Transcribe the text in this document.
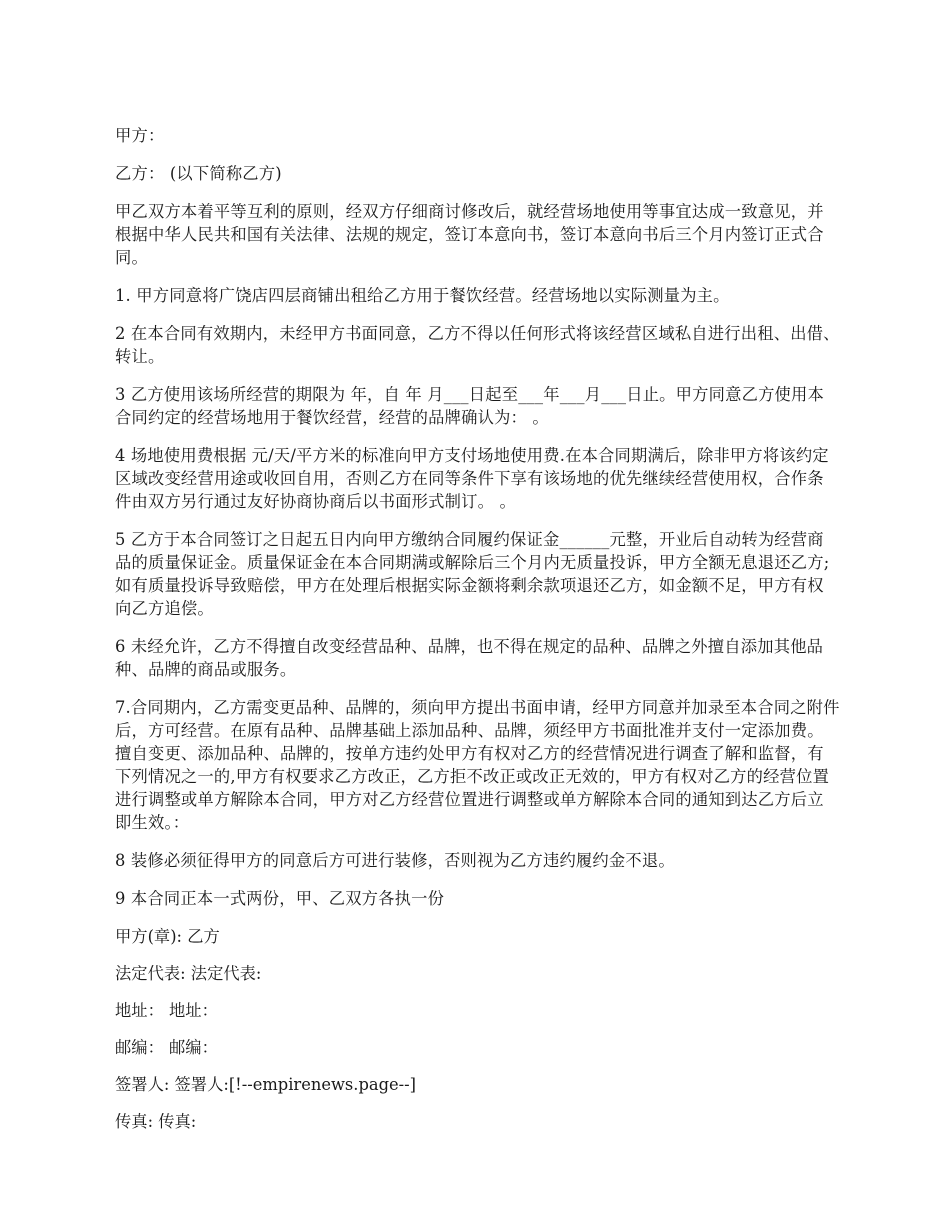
甲方：

乙方： (以下简称乙方)

甲乙双方本着平等互利的原则，经双方仔细商讨修改后，就经营场地使用等事宜达成一致意见，并根据中华人民共和国有关法律、法规的规定，签订本意向书，签订本意向书后三个月内签订正式合同。

1. 甲方同意将广饶店四层商铺出租给乙方用于餐饮经营。经营场地以实际测量为主。

2 在本合同有效期内，未经甲方书面同意，乙方不得以任何形式将该经营区域私自进行出租、出借、转让。

3 乙方使用该场所经营的期限为 年，自 年 月___日起至___年___月___日止。甲方同意乙方使用本合同约定的经营场地用于餐饮经营，经营的品牌确认为： 。

4 场地使用费根据 元/天/平方米的标准向甲方支付场地使用费.在本合同期满后，除非甲方将该约定区域改变经营用途或收回自用，否则乙方在同等条件下享有该场地的优先继续经营使用权，合作条件由双方另行通过友好协商协商后以书面形式制订。 。

5 乙方于本合同签订之日起五日内向甲方缴纳合同履约保证金______元整，开业后自动转为经营商品的质量保证金。质量保证金在本合同期满或解除后三个月内无质量投诉，甲方全额无息退还乙方;如有质量投诉导致赔偿，甲方在处理后根据实际金额将剩余款项退还乙方，如金额不足，甲方有权向乙方追偿。

6 未经允许，乙方不得擅自改变经营品种、品牌，也不得在规定的品种、品牌之外擅自添加其他品种、品牌的商品或服务。

7.合同期内，乙方需变更品种、品牌的，须向甲方提出书面申请，经甲方同意并加录至本合同之附件后，方可经营。在原有品种、品牌基础上添加品种、品牌，须经甲方书面批准并支付一定添加费。擅自变更、添加品种、品牌的，按单方违约处甲方有权对乙方的经营情况进行调查了解和监督，有下列情况之一的,甲方有权要求乙方改正，乙方拒不改正或改正无效的，甲方有权对乙方的经营位置进行调整或单方解除本合同，甲方对乙方经营位置进行调整或单方解除本合同的通知到达乙方后立即生效。：

8 装修必须征得甲方的同意后方可进行装修，否则视为乙方违约履约金不退。

9 本合同正本一式两份，甲、乙双方各执一份

甲方(章): 乙方

法定代表: 法定代表:

地址： 地址：

邮编： 邮编：

签署人: 签署人:[!--empirenews.page--]

传真: 传真:
